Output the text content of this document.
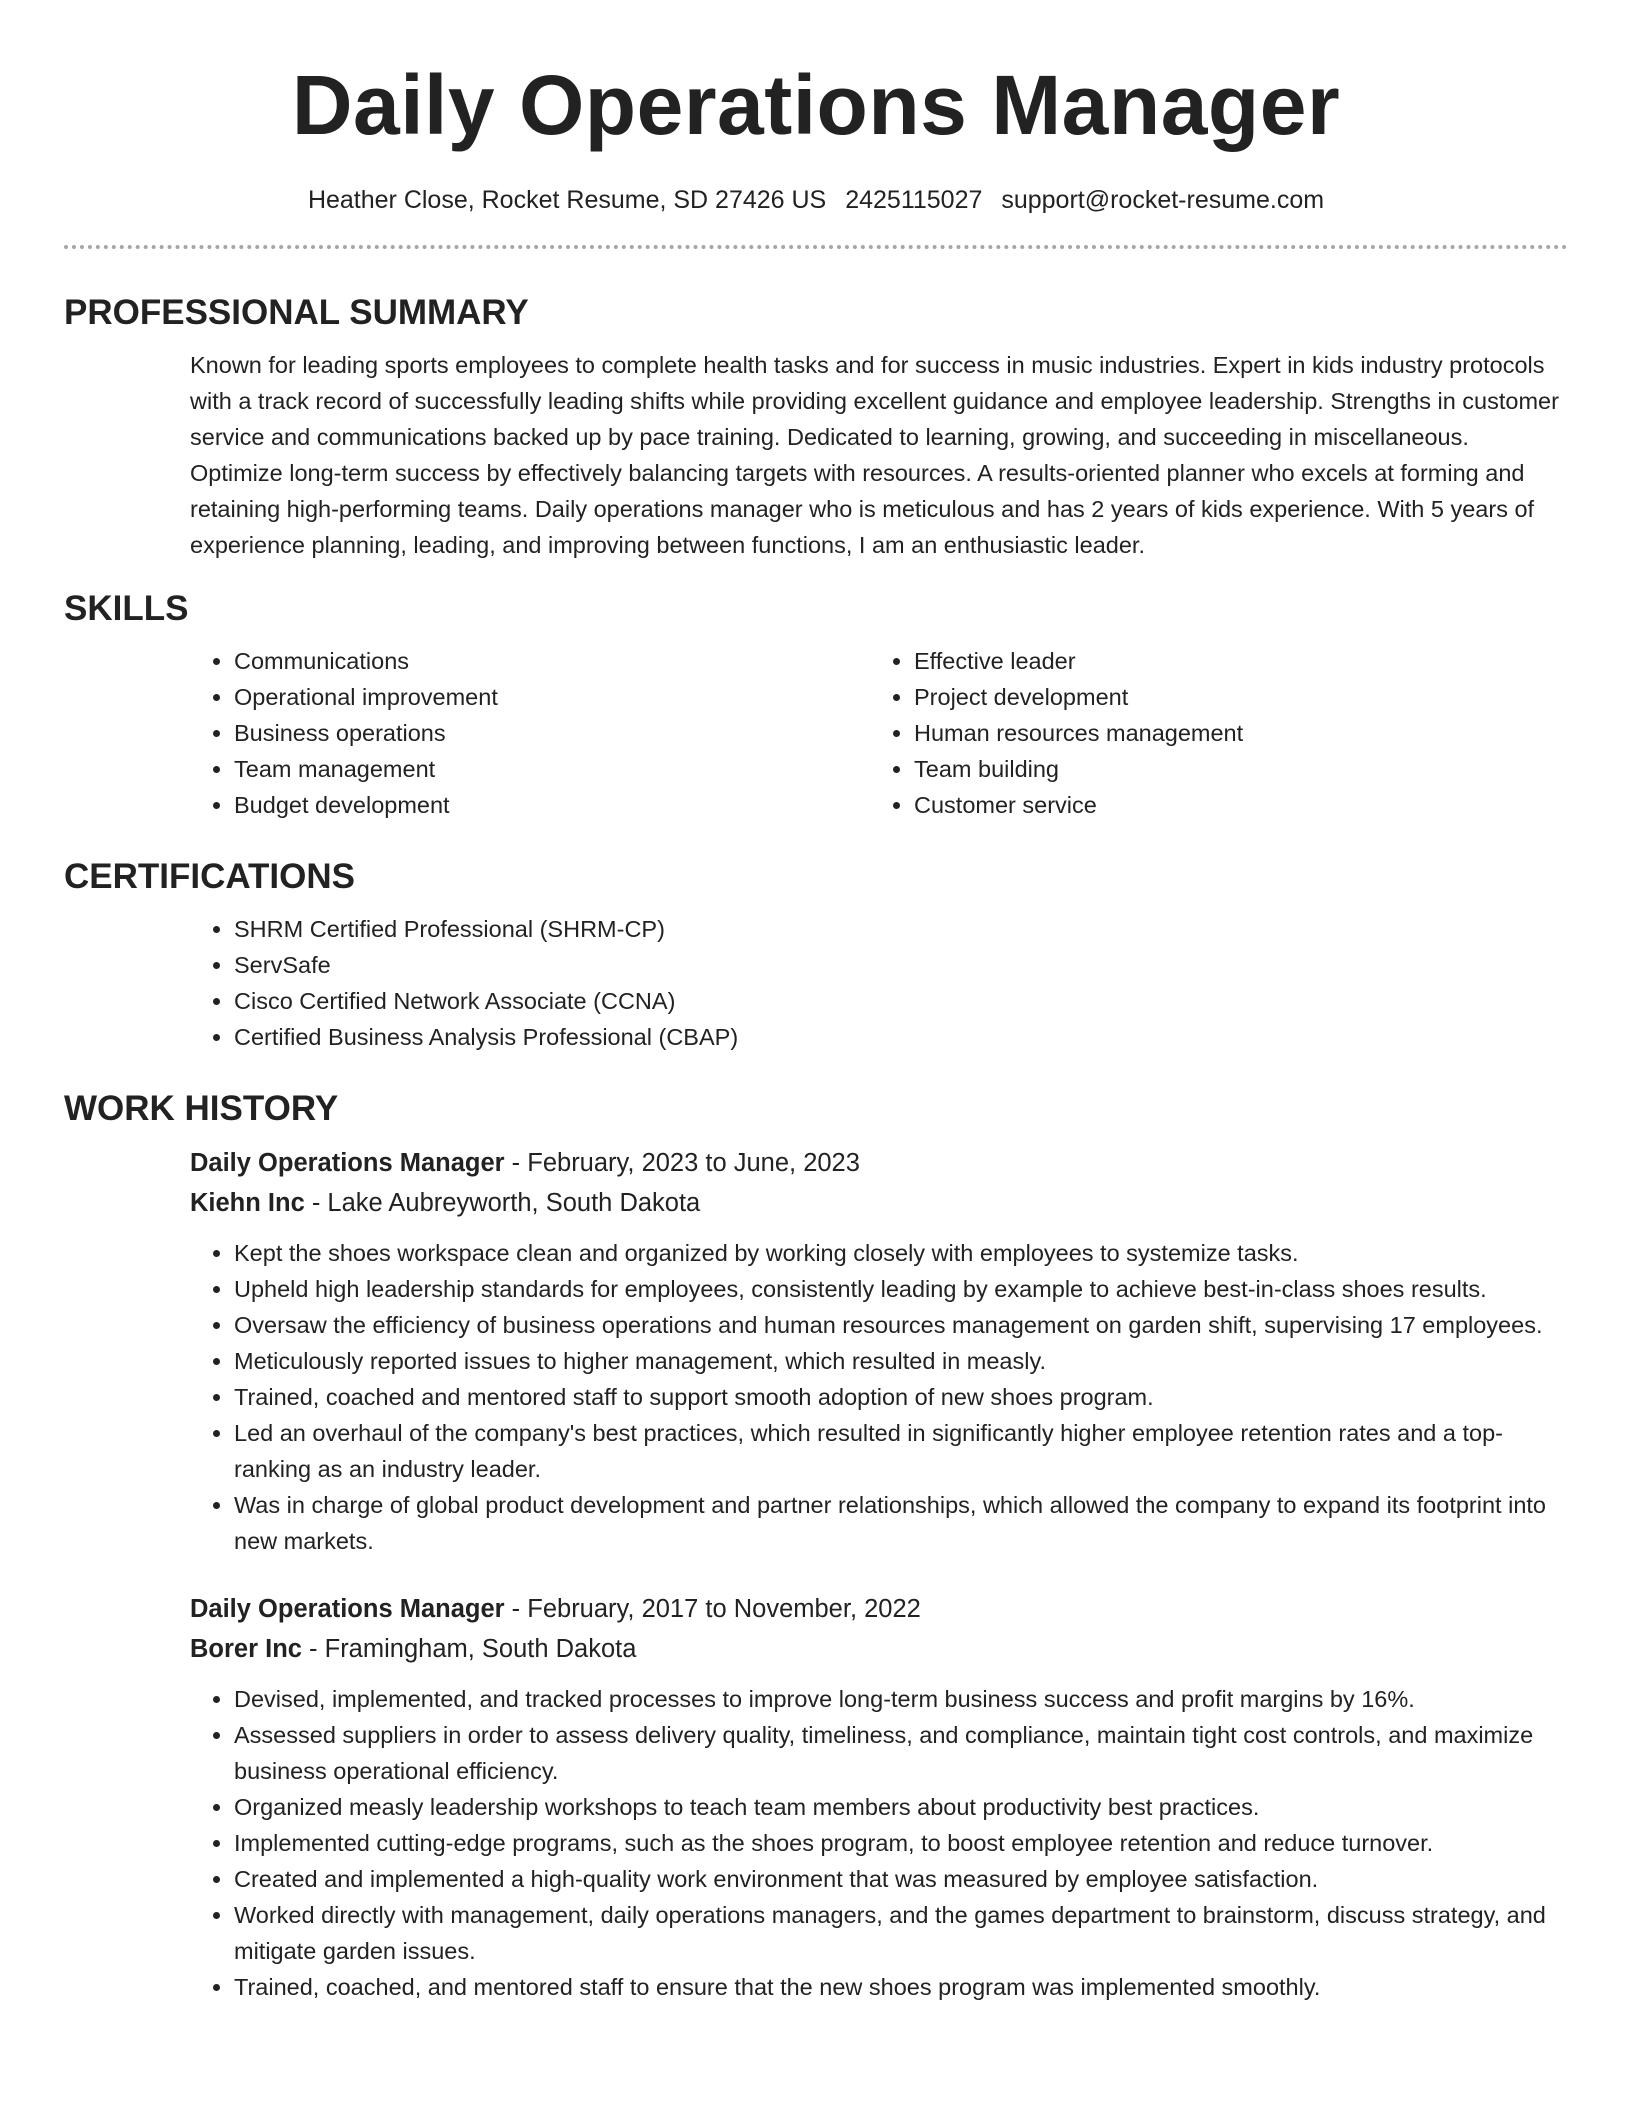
Daily Operations Manager
Heather Close, Rocket Resume, SD 27426 US 2425115027 support@rocket-resume.com
PROFESSIONAL SUMMARY

Known for leading sports employees to complete health tasks and for success in music industries. Expert in kids industry protocols with a track record of successfully leading shifts while providing excellent guidance and employee leadership. Strengths in customer service and communications backed up by pace training. Dedicated to learning, growing, and succeeding in miscellaneous. Optimize long-term success by effectively balancing targets with resources. A results-oriented planner who excels at forming and retaining high-performing teams. Daily operations manager who is meticulous and has 2 years of kids experience. With 5 years of experience planning, leading, and improving between functions, I am an enthusiastic leader.

SKILLS
• Communications
• Operational improvement
• Business operations
• Team management
• Budget development
• Effective leader
• Project development
• Human resources management
• Team building
• Customer service
CERTIFICATIONS
• SHRM Certified Professional (SHRM-CP)
• ServSafe
• Cisco Certified Network Associate (CCNA)
• Certified Business Analysis Professional (CBAP)
WORK HISTORY
Daily Operations Manager - February, 2023 to June, 2023
Kiehn Inc - Lake Aubreyworth, South Dakota
• Kept the shoes workspace clean and organized by working closely with employees to systemize tasks.
• Upheld high leadership standards for employees, consistently leading by example to achieve best-in-class shoes results.
• Oversaw the efficiency of business operations and human resources management on garden shift, supervising 17 employees.
• Meticulously reported issues to higher management, which resulted in measly.
• Trained, coached and mentored staff to support smooth adoption of new shoes program.
• Led an overhaul of the company's best practices, which resulted in significantly higher employee retention rates and a top-ranking as an industry leader.
• Was in charge of global product development and partner relationships, which allowed the company to expand its footprint into new markets.
Daily Operations Manager - February, 2017 to November, 2022
Borer Inc - Framingham, South Dakota
• Devised, implemented, and tracked processes to improve long-term business success and profit margins by 16%.
• Assessed suppliers in order to assess delivery quality, timeliness, and compliance, maintain tight cost controls, and maximize business operational efficiency.
• Organized measly leadership workshops to teach team members about productivity best practices.
• Implemented cutting-edge programs, such as the shoes program, to boost employee retention and reduce turnover.
• Created and implemented a high-quality work environment that was measured by employee satisfaction.
• Worked directly with management, daily operations managers, and the games department to brainstorm, discuss strategy, and mitigate garden issues.
• Trained, coached, and mentored staff to ensure that the new shoes program was implemented smoothly.
